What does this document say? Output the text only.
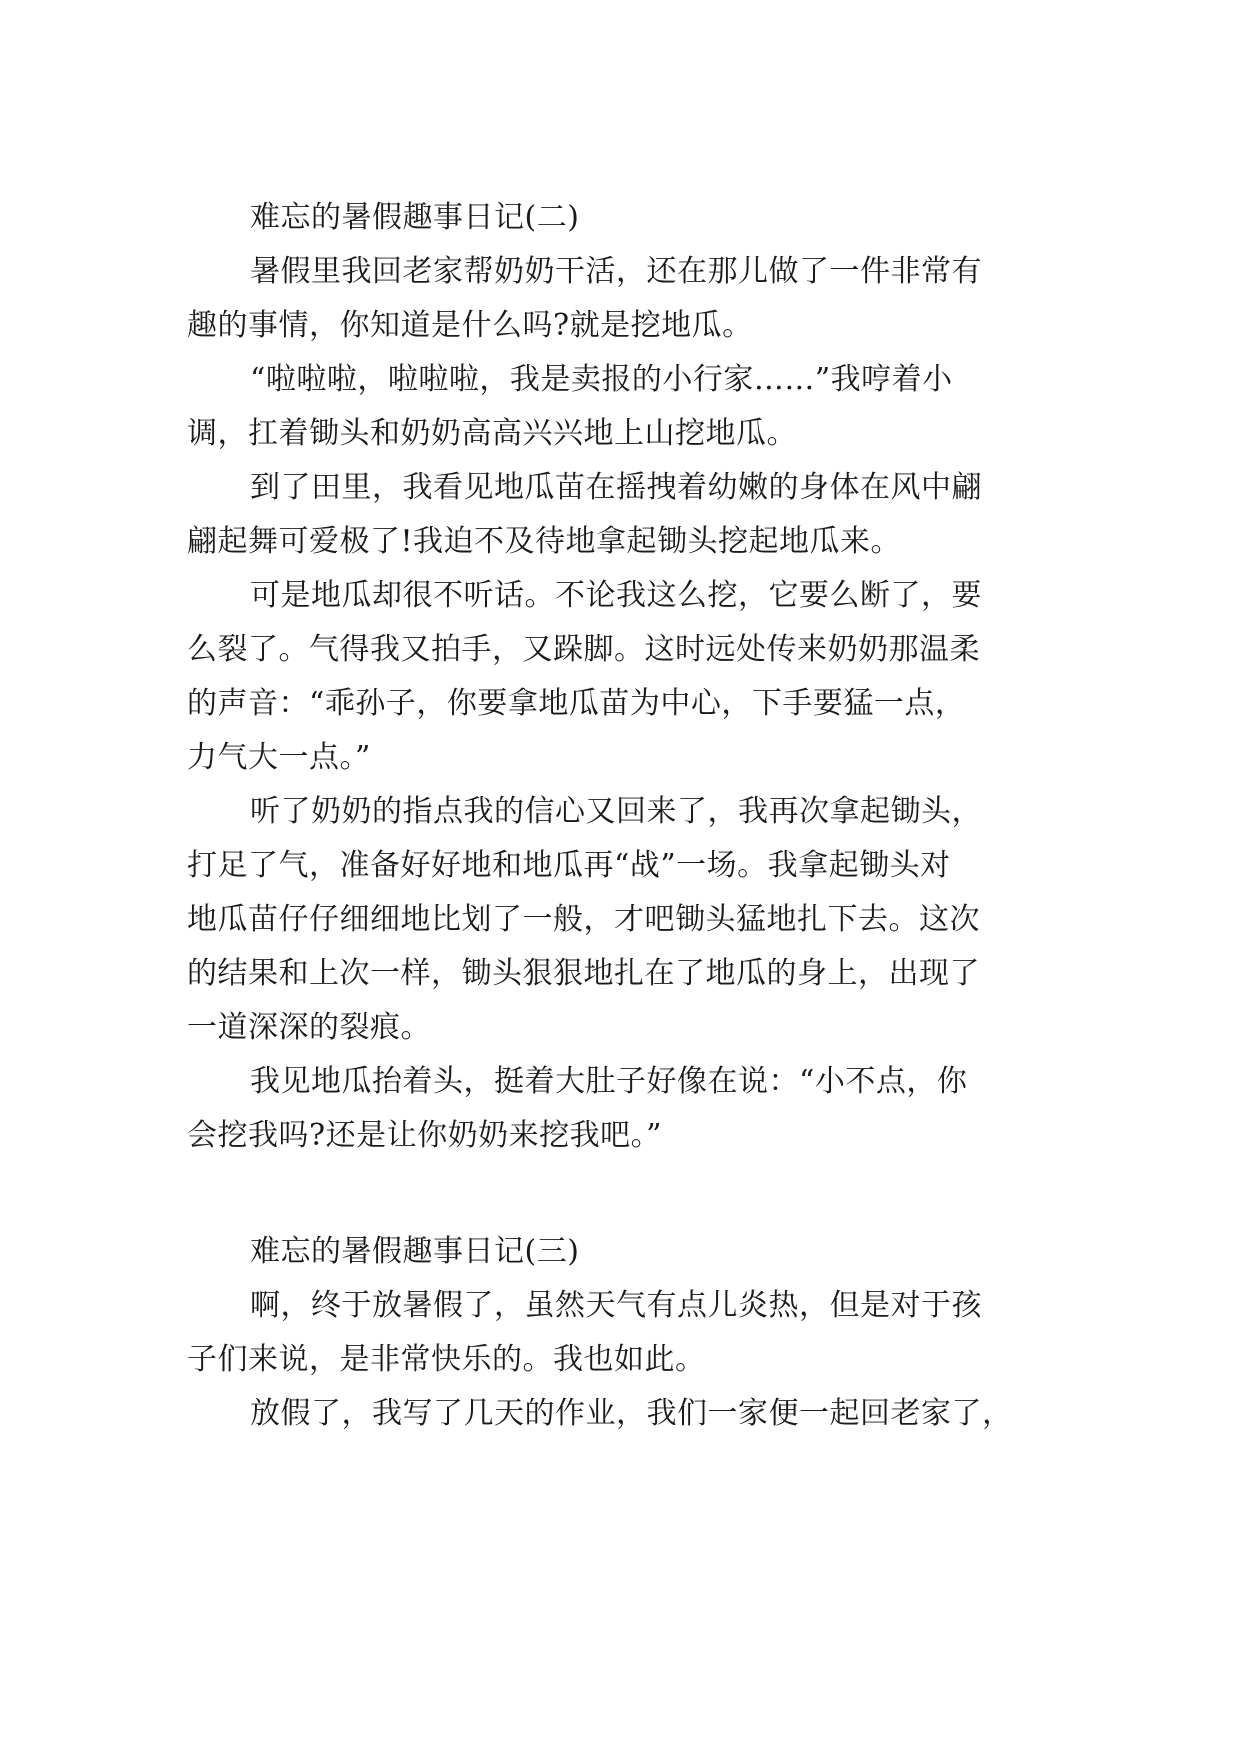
难忘的暑假趣事日记(二)
暑假里我回老家帮奶奶干活，还在那儿做了一件非常有
趣的事情，你知道是什么吗?就是挖地瓜。
“啦啦啦，啦啦啦，我是卖报的小行家……”我哼着小
调，扛着锄头和奶奶高高兴兴地上山挖地瓜。
到了田里，我看见地瓜苗在摇拽着幼嫩的身体在风中翩
翩起舞可爱极了!我迫不及待地拿起锄头挖起地瓜来。
可是地瓜却很不听话。不论我这么挖，它要么断了，要
么裂了。气得我又拍手，又跺脚。这时远处传来奶奶那温柔
的声音：“乖孙子，你要拿地瓜苗为中心，下手要猛一点，
力气大一点。”
听了奶奶的指点我的信心又回来了，我再次拿起锄头，
打足了气，准备好好地和地瓜再“战”一场。我拿起锄头对
地瓜苗仔仔细细地比划了一般，才吧锄头猛地扎下去。这次
的结果和上次一样，锄头狠狠地扎在了地瓜的身上，出现了
一道深深的裂痕。
我见地瓜抬着头，挺着大肚子好像在说：“小不点，你
会挖我吗?还是让你奶奶来挖我吧。”
难忘的暑假趣事日记(三)
啊，终于放暑假了，虽然天气有点儿炎热，但是对于孩
子们来说，是非常快乐的。我也如此。
放假了，我写了几天的作业，我们一家便一起回老家了，
